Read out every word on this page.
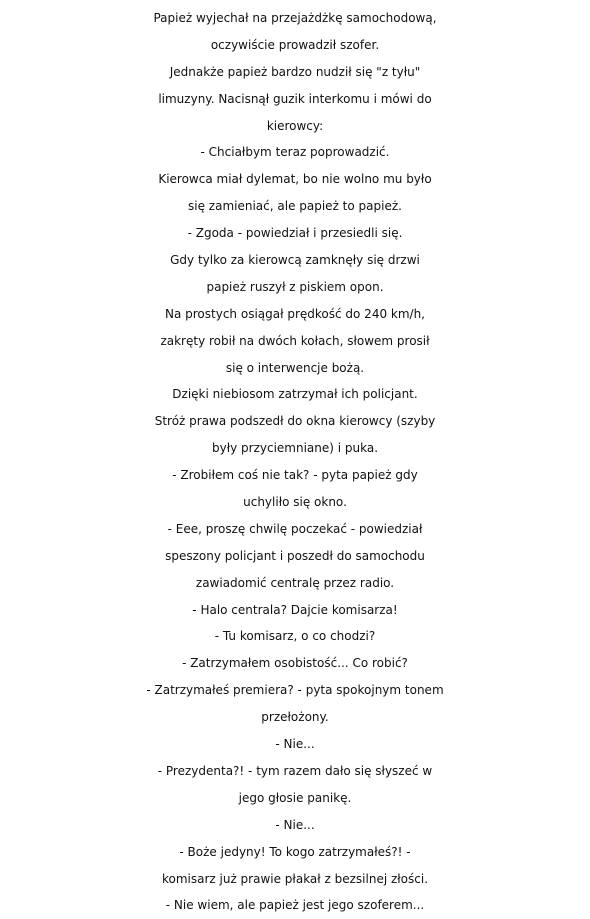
Papież wyjechał na przejażdżkę samochodową,
oczywiście prowadził szofer.
Jednakże papież bardzo nudził się "z tyłu"
limuzyny. Nacisnął guzik interkomu i mówi do
kierowcy:
- Chciałbym teraz poprowadzić.
Kierowca miał dylemat, bo nie wolno mu było
się zamieniać, ale papież to papież.
- Zgoda - powiedział i przesiedli się.
Gdy tylko za kierowcą zamknęły się drzwi
papież ruszył z piskiem opon.
Na prostych osiągał prędkość do 240 km/h,
zakręty robił na dwóch kołach, słowem prosił
się o interwencje bożą.
Dzięki niebiosom zatrzymał ich policjant.
Stróż prawa podszedł do okna kierowcy (szyby
były przyciemniane) i puka.
- Zrobiłem coś nie tak? - pyta papież gdy
uchyliło się okno.
- Eee, proszę chwilę poczekać - powiedział
speszony policjant i poszedł do samochodu
zawiadomić centralę przez radio.
- Halo centrala? Dajcie komisarza!
- Tu komisarz, o co chodzi?
- Zatrzymałem osobistość... Co robić?
- Zatrzymałeś premiera? - pyta spokojnym tonem
przełożony.
- Nie...
- Prezydenta?! - tym razem dało się słyszeć w
jego głosie panikę.
- Nie...
- Boże jedyny! To kogo zatrzymałeś?! -
komisarz już prawie płakał z bezsilnej złości.
- Nie wiem, ale papież jest jego szoferem...
